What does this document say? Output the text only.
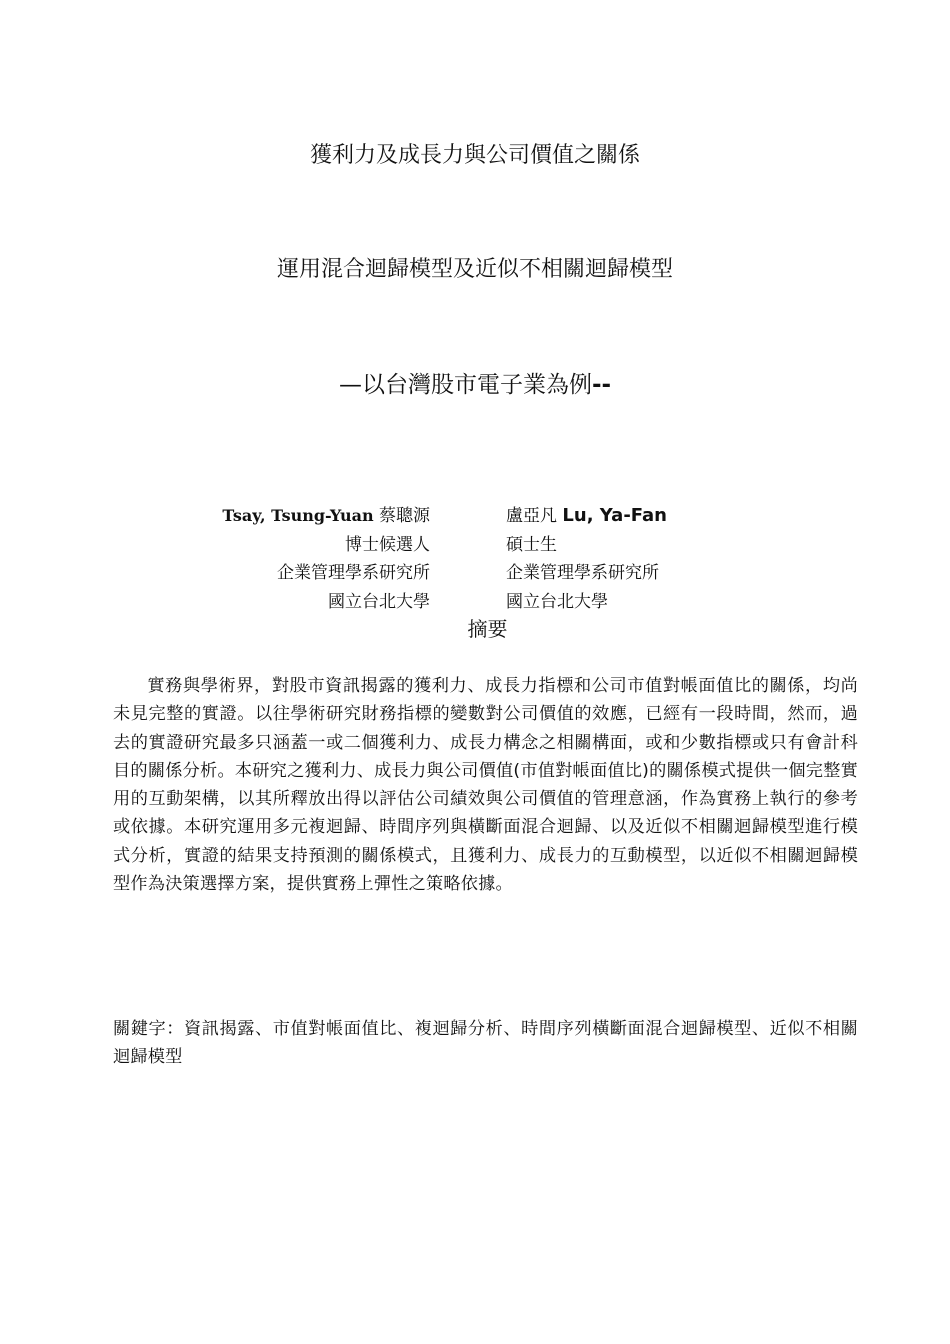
獲利力及成長力與公司價值之關係
運用混合迴歸模型及近似不相關迴歸模型
—以台灣股市電子業為例--
Tsay, Tsung-Yuan 蔡聰源
博士候選人
企業管理學系研究所
國立台北大學
盧亞凡 Lu, Ya-Fan
碩士生
企業管理學系研究所
國立台北大學
摘要

實務與學術界，對股市資訊揭露的獲利力、成長力指標和公司市值對帳面值比的關係，均尚未見完整的實證。以往學術研究財務指標的變數對公司價值的效應，已經有一段時間，然而，過去的實證研究最多只涵蓋一或二個獲利力、成長力構念之相關構面，或和少數指標或只有會計科目的關係分析。本研究之獲利力、成長力與公司價值(市值對帳面值比)的關係模式提供一個完整實用的互動架構，以其所釋放出得以評估公司績效與公司價值的管理意涵，作為實務上執行的參考或依據。本研究運用多元複迴歸、時間序列與橫斷面混合迴歸、以及近似不相關迴歸模型進行模式分析，實證的結果支持預測的關係模式，且獲利力、成長力的互動模型，以近似不相關迴歸模型作為決策選擇方案，提供實務上彈性之策略依據。

關鍵字：資訊揭露、市值對帳面值比、複迴歸分析、時間序列橫斷面混合迴歸模型、近似不相關迴歸模型
